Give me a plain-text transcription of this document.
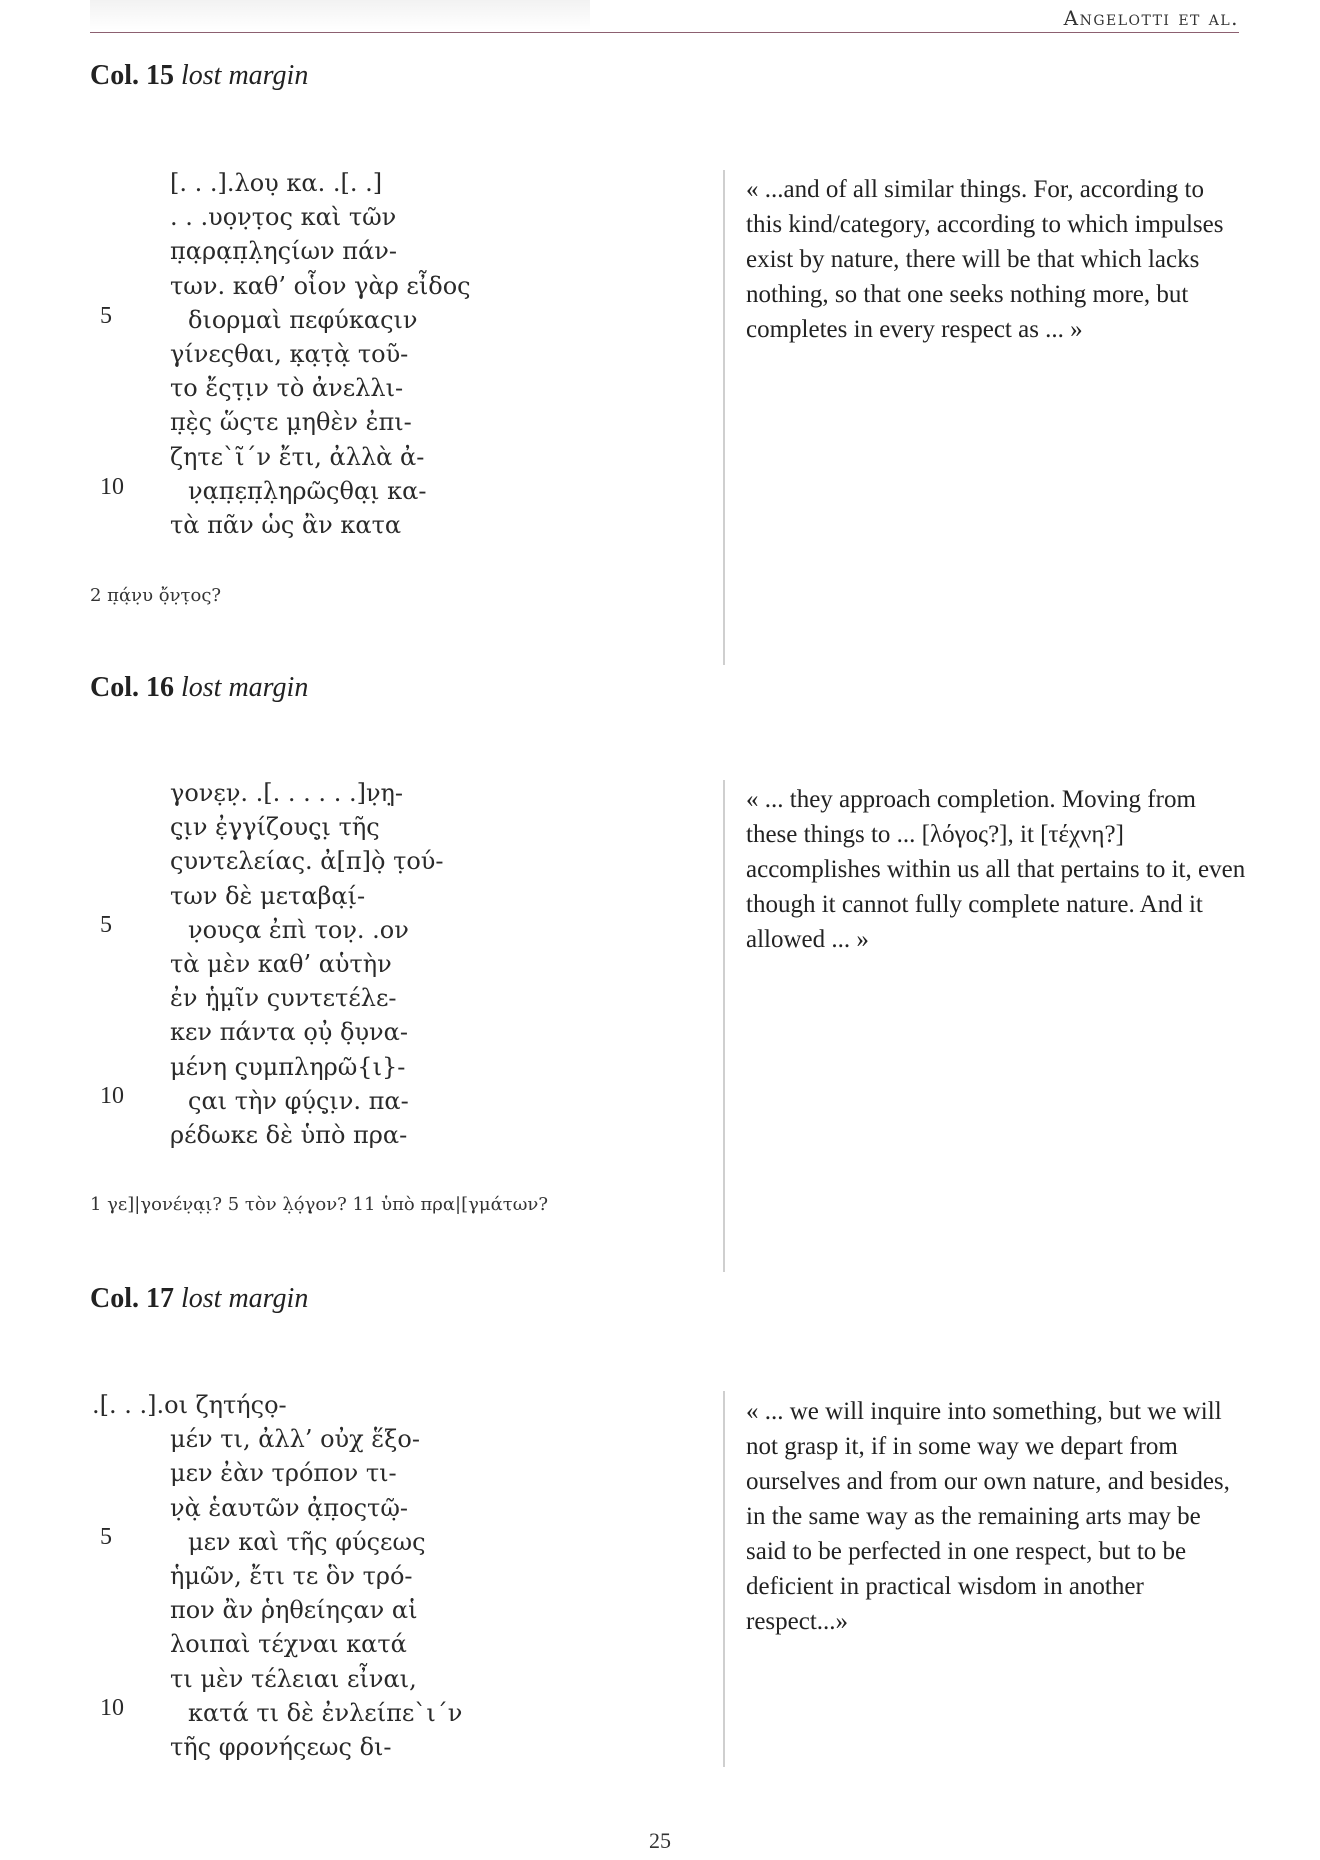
Angelotti et al.
Col. 15 lost margin
[. . .].λου̣ κα. .[. .]
. . .υο̣ν̣τ̣ος καὶ τῶν
π̣α̣ρα̣π̣λ̣ηςίων πάν-
των. καθ’ οἷον γὰρ εἶδος
διορμαὶ πεφύκαςιν
γίνεςθαι, κ̣α̣τ̣ὰ̣ τοῦ-
το ἔςτ̣ι̣ν τὸ ἀνελλι-
π̣ὲ̣ς ὥςτε μ̣ηθὲν ἐπι-
ζητε`ῖ´ν ἔτι, ἀλλὰ ἀ-
ν̣α̣π̣ε̣π̣λ̣ηρῶςθα̣ι̣ κα-
τὰ πᾶν ὡς ἂν κατα
5
10
« ...and of all similar things. For, according to this kind/category, according to which impulses exist by nature, there will be that which lacks nothing, so that one seeks nothing more, but completes in every respect as ... »
2 π̣ά̣ν̣υ ὄ̣ν̣τ̣ος?
Col. 16 lost margin
γονε̣ν̣. .[. . . . . .]ν̣η̣-
ς̣ι̣ν ἐ̣γ̣γίζους̣ι̣ τῆς
ςυντελείας. ἀ[π]ὸ̣ τ̣ού-
των δὲ μεταβα̣ί̣-
ν̣ουςα ἐπὶ τον̣. .ον
τὰ μὲν καθ’ αὑτὴν
ἐν ἡ̣μ̣ῖν ςυντετέλε-
κεν πάντα ο̣ὐ̣ δ̣υ̣να-
μένη ς̣υμπληρῶ{ι}-
ςαι τὴν φ̣ύ̣ς̣ι̣ν. πα-
ρέδωκε δὲ ὑπὸ πρα-
5
10
« ... they approach completion. Moving from these things to ... [λόγος?], it [τέχνη?] accomplishes within us all that pertains to it, even though it cannot fully complete nature. And it allowed ... »
1 γε]|γονέν̣α̣ι̣? 5 τὸν λ̣ό̣γ̣ον? 11 ὑπὸ πρα|[γμάτων?
Col. 17 lost margin
.[. . .].οι ζητήςο̣-
μέν τι, ἀλλ’ οὐχ ἕξο-
μεν ἐὰν τρόπον τι-
ν̣ὰ̣ ἑαυτῶν ἀ̣π̣οςτῶ̣-
μεν καὶ τῆς φύςεως
ἡμῶν, ἔτι τε ὃν τρό-
πον ἂν ῥηθείηςαν αἱ
λοιπαὶ τέχναι κατά
τι μὲν τέλειαι εἶναι,
κατά τι δὲ ἐνλείπε`ι´ν
τῆς φρονήςεως δι-
5
10
« ... we will inquire into something, but we will not grasp it, if in some way we depart from ourselves and from our own nature, and besides, in the same way as the remaining arts may be said to be perfected in one respect, but to be deficient in practical wisdom in another respect...»
25
